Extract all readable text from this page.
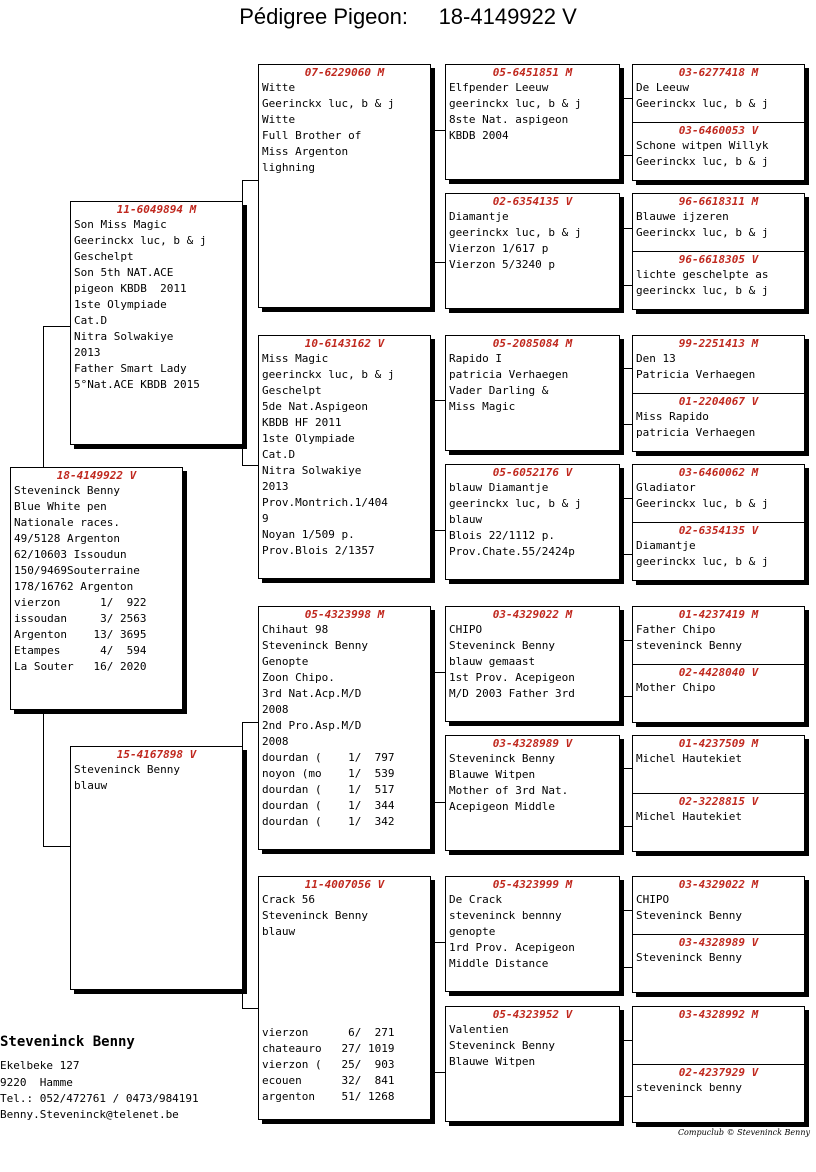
Pédigree Pigeon: 18-4149922 V
18-4149922 V
Steveninck Benny
Blue White pen
Nationale races.
49/5128 Argenton
62/10603 Issoudun
150/9469Souterraine
178/16762 Argenton
vierzon      1/  922
issoudan     3/ 2563
Argenton    13/ 3695
Etampes      4/  594
La Souter   16/ 2020
11-6049894 M
Son Miss Magic
Geerinckx luc, b & j
Geschelpt
Son 5th NAT.ACE
pigeon KBDB  2011
1ste Olympiade
Cat.D
Nitra Solwakiye
2013
Father Smart Lady
5°Nat.ACE KBDB 2015
15-4167898 V
Steveninck Benny
blauw
07-6229060 M
Witte
Geerinckx luc, b & j
Witte
Full Brother of
Miss Argenton
lighning
10-6143162 V
Miss Magic
geerinckx luc, b & j
Geschelpt
5de Nat.Aspigeon
KBDB HF 2011
1ste Olympiade
Cat.D
Nitra Solwakiye
2013
Prov.Montrich.1/404
9
Noyan 1/509 p.
Prov.Blois 2/1357
05-4323998 M
Chihaut 98
Steveninck Benny
Genopte
Zoon Chipo.
3rd Nat.Acp.M/D
2008
2nd Pro.Asp.M/D
2008
dourdan (    1/  797
noyon (mo    1/  539
dourdan (    1/  517
dourdan (    1/  344
dourdan (    1/  342
11-4007056 V
Crack 56
Steveninck Benny
blauw
vierzon      6/  271
chateauro   27/ 1019
vierzon (   25/  903
ecouen      32/  841
argenton    51/ 1268
05-6451851 M
Elfpender Leeuw
geerinckx luc, b & j
8ste Nat. aspigeon
KBDB 2004
02-6354135 V
Diamantje
geerinckx luc, b & j
Vierzon 1/617 p
Vierzon 5/3240 p
05-2085084 M
Rapido I
patricia Verhaegen
Vader Darling &
Miss Magic
05-6052176 V
blauw Diamantje
geerinckx luc, b & j
blauw
Blois 22/1112 p.
Prov.Chate.55/2424p
03-4329022 M
CHIPO
Steveninck Benny
blauw gemaast
1st Prov. Acepigeon
M/D 2003 Father 3rd
03-4328989 V
Steveninck Benny
Blauwe Witpen
Mother of 3rd Nat.
Acepigeon Middle
05-4323999 M
De Crack
steveninck bennny
genopte
1rd Prov. Acepigeon
Middle Distance
05-4323952 V
Valentien
Steveninck Benny
Blauwe Witpen
03-6277418 M
De Leeuw
Geerinckx luc, b & j
03-6460053 V
Schone witpen Willyk
Geerinckx luc, b & j
96-6618311 M
Blauwe ijzeren
Geerinckx luc, b & j
96-6618305 V
lichte geschelpte as
geerinckx luc, b & j
99-2251413 M
Den 13
Patricia Verhaegen
01-2204067 V
Miss Rapido
patricia Verhaegen
03-6460062 M
Gladiator
Geerinckx luc, b & j
02-6354135 V
Diamantje
geerinckx luc, b & j
01-4237419 M
Father Chipo
steveninck Benny
02-4428040 V
Mother Chipo
01-4237509 M
Michel Hautekiet
02-3228815 V
Michel Hautekiet
03-4329022 M
CHIPO
Steveninck Benny
03-4328989 V
Steveninck Benny
03-4328992 M
02-4237929 V
steveninck benny
Steveninck Benny
Ekelbeke 127
9220  Hamme
Tel.: 052/472761 / 0473/984191
Benny.Steveninck@telenet.be
Compuclub © Steveninck Benny
